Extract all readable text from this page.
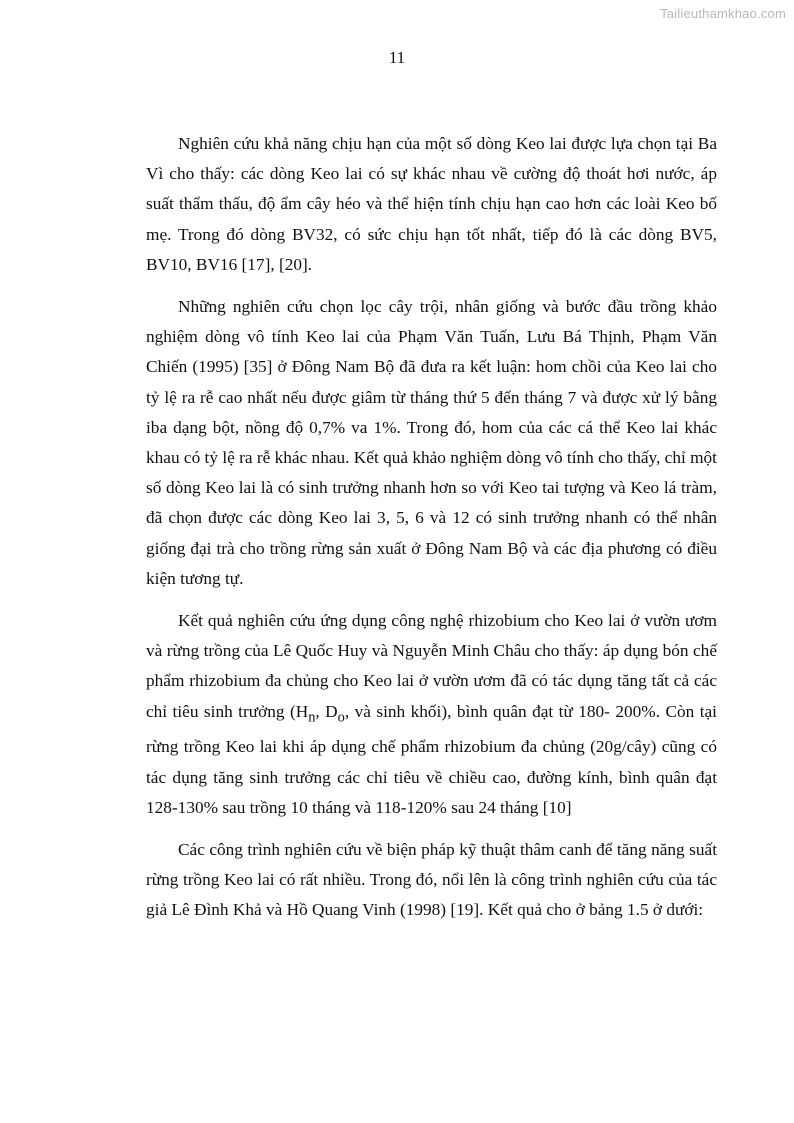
Tailieuthamkhao.com
11

Nghiên cứu khả năng chịu hạn của một số dòng Keo lai được lựa chọn tại Ba Vì cho thấy: các dòng Keo lai có sự khác nhau về cường độ thoát hơi nước, áp suất thẩm thấu, độ ẩm cây héo và thể hiện tính chịu hạn cao hơn các loài Keo bố mẹ. Trong đó dòng BV32, có sức chịu hạn tốt nhất, tiếp đó là các dòng BV5, BV10, BV16 [17], [20].

Những nghiên cứu chọn lọc cây trội, nhân giống và bước đầu trồng khảo nghiệm dòng vô tính Keo lai của Phạm Văn Tuấn, Lưu Bá Thịnh, Phạm Văn Chiến (1995) [35] ở Đông Nam Bộ đã đưa ra kết luận: hom chồi của Keo lai cho tỷ lệ ra rễ cao nhất nếu được giâm từ tháng thứ 5 đến tháng 7 và được xử lý bằng iba dạng bột, nồng độ 0,7% va 1%. Trong đó, hom của các cá thể Keo lai khác khau có tỷ lệ ra rễ khác nhau. Kết quả khảo nghiệm dòng vô tính cho thấy, chỉ một số dòng Keo lai là có sinh trưởng nhanh hơn so với Keo tai tượng và Keo lá tràm, đã chọn được các dòng Keo lai 3, 5, 6 và 12 có sinh trưởng nhanh có thể nhân giống đại trà cho trồng rừng sản xuất ở Đông Nam Bộ và các địa phương có điều kiện tương tự.

Kết quả nghiên cứu ứng dụng công nghệ rhizobium cho Keo lai ở vườn ươm và rừng trồng của Lê Quốc Huy và Nguyễn Minh Châu cho thấy: áp dụng bón chế phẩm rhizobium đa chủng cho Keo lai ở vườn ươm đã có tác dụng tăng tất cả các chỉ tiêu sinh trưởng ($H_n$, $D_o$, và sinh khối), bình quân đạt từ 180- 200%. Còn tại rừng trồng Keo lai khi áp dụng chế phẩm rhizobium đa chủng (20g/cây) cũng có tác dụng tăng sinh trưởng các chỉ tiêu về chiều cao, đường kính, bình quân đạt 128-130% sau trồng 10 tháng và 118-120% sau 24 tháng [10]

Các công trình nghiên cứu về biện pháp kỹ thuật thâm canh để tăng năng suất rừng trồng Keo lai có rất nhiều. Trong đó, nổi lên là công trình nghiên cứu của tác giả Lê Đình Khả và Hồ Quang Vinh (1998) [19]. Kết quả cho ở bảng 1.5 ở dưới:
